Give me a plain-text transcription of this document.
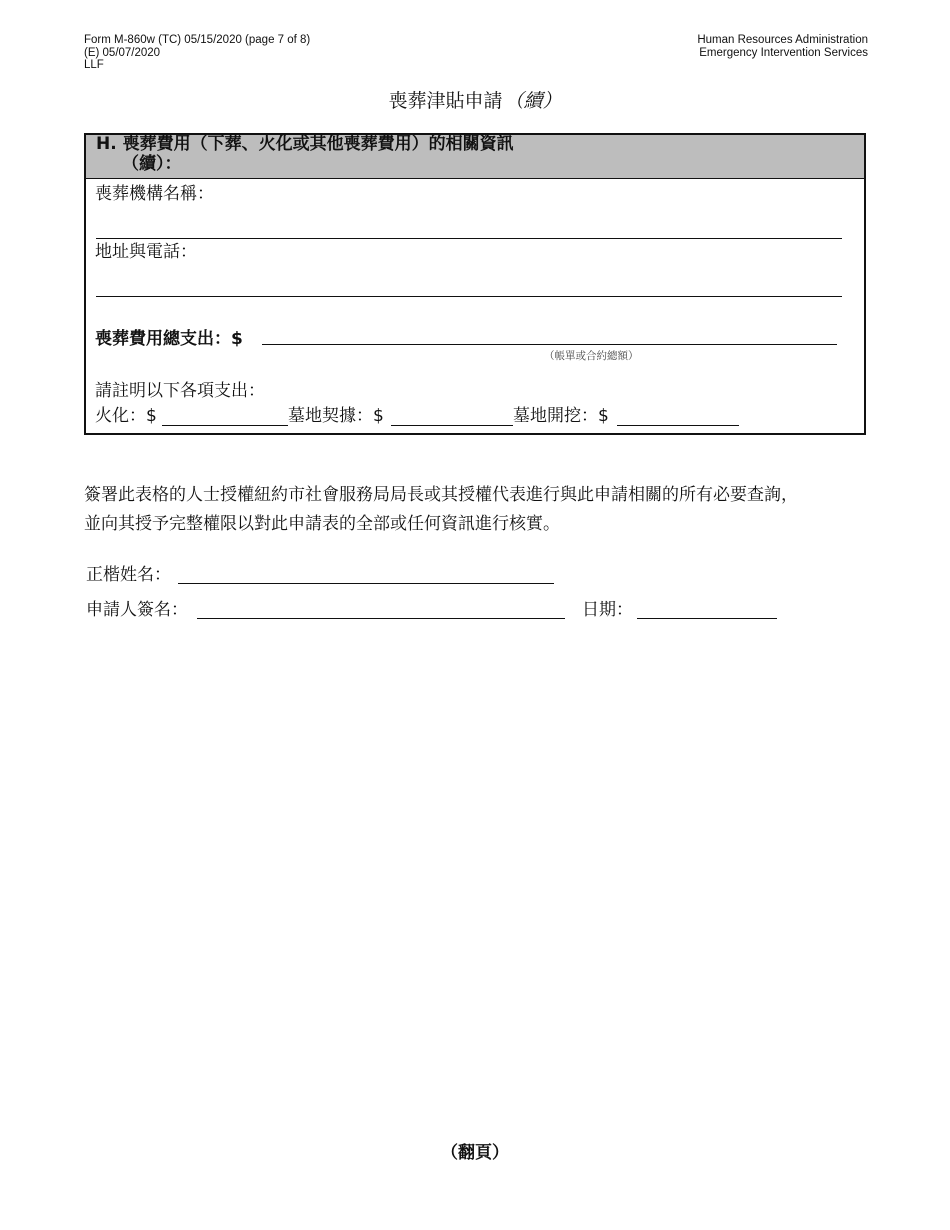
Form M-860w (TC) 05/15/2020 (page 7 of 8)
(E) 05/07/2020
LLF
Human Resources Administration
Emergency Intervention Services
喪葬津貼申請 （續）
H. 喪葬費用（下葬、火化或其他喪葬費用）的相關資訊
（續）：
喪葬機構名稱：
地址與電話：
喪葬費用總支出：$
（帳單或合約總額）
請註明以下各項支出：
火化：$	墓地契據：$	墓地開挖：$
簽署此表格的人士授權紐約市社會服務局局長或其授權代表進行與此申請相關的所有必要查詢，
並向其授予完整權限以對此申請表的全部或任何資訊進行核實。
正楷姓名：
申請人簽名：	日期：
（翻頁）
